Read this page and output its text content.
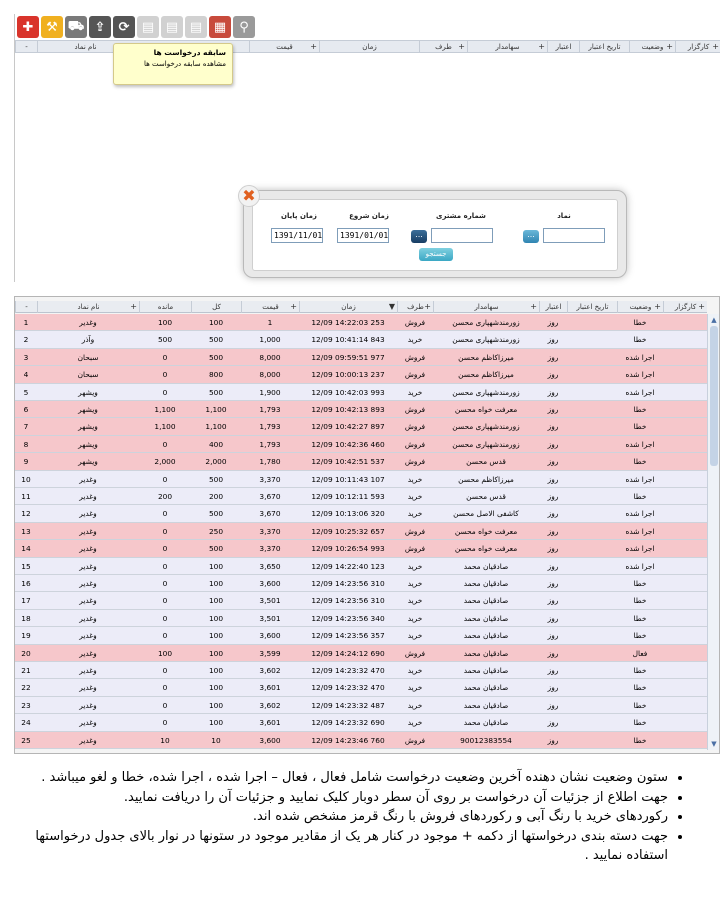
✚ ⚒ ⛟ ⇪	⟳ ▤ ▤ ▤ ▦	⚲
سابقه درخواست ها
مشاهده سابقه درخواست ها
-	نام نماد	قیمت +	زمان	طرف +	سهامدار +	اعتبار	تاریخ اعتبار	وضعیت +	کارگزار +
✖
نماد
شماره مشتری
زمان شروع
زمان پایان
...
...
1391/01/01
1391/11/01
جستجو
-	نام نماد	+	مانده	کل	قیمت +	زمان	▼	طرف +	سهامدار	+	اعتبار	تاریخ اعتبار	وضعیت +	کارگزار +
1	وغدیر	100	100	1	12/09 14:22:03 253	فروش	زورمندشهپاری محسن	روز	خطا
2	وآذر	500	500	1,000	12/09 10:41:14 843	خرید	زورمندشهپاری محسن	روز	خطا
3	سبحان	0	500	8,000	12/09 09:59:51 977	فروش	میرزاکاظم محسن	روز	اجرا شده
4	سبحان	0	800	8,000	12/09 10:00:13 237	فروش	میرزاکاظم محسن	روز	اجرا شده
5	ویشهر	0	500	1,900	12/09 10:42:03 993	خرید	زورمندشهپاری محسن	روز	اجرا شده
6	ویشهر	1,100	1,100	1,793	12/09 10:42:13 893	فروش	معرفت خواه محسن	روز	خطا
7	ویشهر	1,100	1,100	1,793	12/09 10:42:27 897	فروش	زورمندشهپاری محسن	روز	خطا
8	ویشهر	0	400	1,793	12/09 10:42:36 460	فروش	زورمندشهپاری محسن	روز	اجرا شده
9	ویشهر	2,000	2,000	1,780	12/09 10:42:51 537	فروش	قدس محسن	روز	خطا
10	وغدیر	0	500	3,370	12/09 10:11:43 107	خرید	میرزاکاظم محسن	روز	اجرا شده
11	وغدیر	200	200	3,670	12/09 10:12:11 593	خرید	قدس محسن	روز	خطا
12	وغدیر	0	500	3,670	12/09 10:13:06 320	خرید	کاشفی الاصل محسن	روز	اجرا شده
13	وغدیر	0	250	3,370	12/09 10:25:32 657	فروش	معرفت خواه محسن	روز	اجرا شده
14	وغدیر	0	500	3,370	12/09 10:26:54 993	فروش	معرفت خواه محسن	روز	اجرا شده
15	وغدیر	0	100	3,650	12/09 14:22:40 123	خرید	صادقیان محمد	روز	اجرا شده
16	وغدیر	0	100	3,600	12/09 14:23:56 310	خرید	صادقیان محمد	روز	خطا
17	وغدیر	0	100	3,501	12/09 14:23:56 310	خرید	صادقیان محمد	روز	خطا
18	وغدیر	0	100	3,501	12/09 14:23:56 340	خرید	صادقیان محمد	روز	خطا
19	وغدیر	0	100	3,600	12/09 14:23:56 357	خرید	صادقیان محمد	روز	خطا
20	وغدیر	100	100	3,599	12/09 14:24:12 690	فروش	صادقیان محمد	روز	فعال
21	وغدیر	0	100	3,602	12/09 14:23:32 470	خرید	صادقیان محمد	روز	خطا
22	وغدیر	0	100	3,601	12/09 14:23:32 470	خرید	صادقیان محمد	روز	خطا
23	وغدیر	0	100	3,602	12/09 14:23:32 487	خرید	صادقیان محمد	روز	خطا
24	وغدیر	0	100	3,601	12/09 14:23:32 690	خرید	صادقیان محمد	روز	خطا
25	وغدیر	10	10	3,600	12/09 14:23:46 760	فروش	90012383554	روز	خطا
▲
▼
• ستون وضعیت نشان دهنده آخرین وضعیت درخواست شامل فعال ، فعال – اجرا شده ، اجرا شده، خطا و لغو میباشد .
• جهت اطلاع از جزئیات آن درخواست بر روی آن سطر دوبار کلیک نمایید و جزئیات آن را دریافت نمایید.
• رکوردهای خرید با رنگ آبی و رکوردهای فروش با رنگ قرمز مشخص شده اند.
• جهت دسته بندی درخواستها از دکمه + موجود در کنار هر یک از مقادیر موجود در ستونها در نوار بالای جدول درخواستها استفاده نمایید .
